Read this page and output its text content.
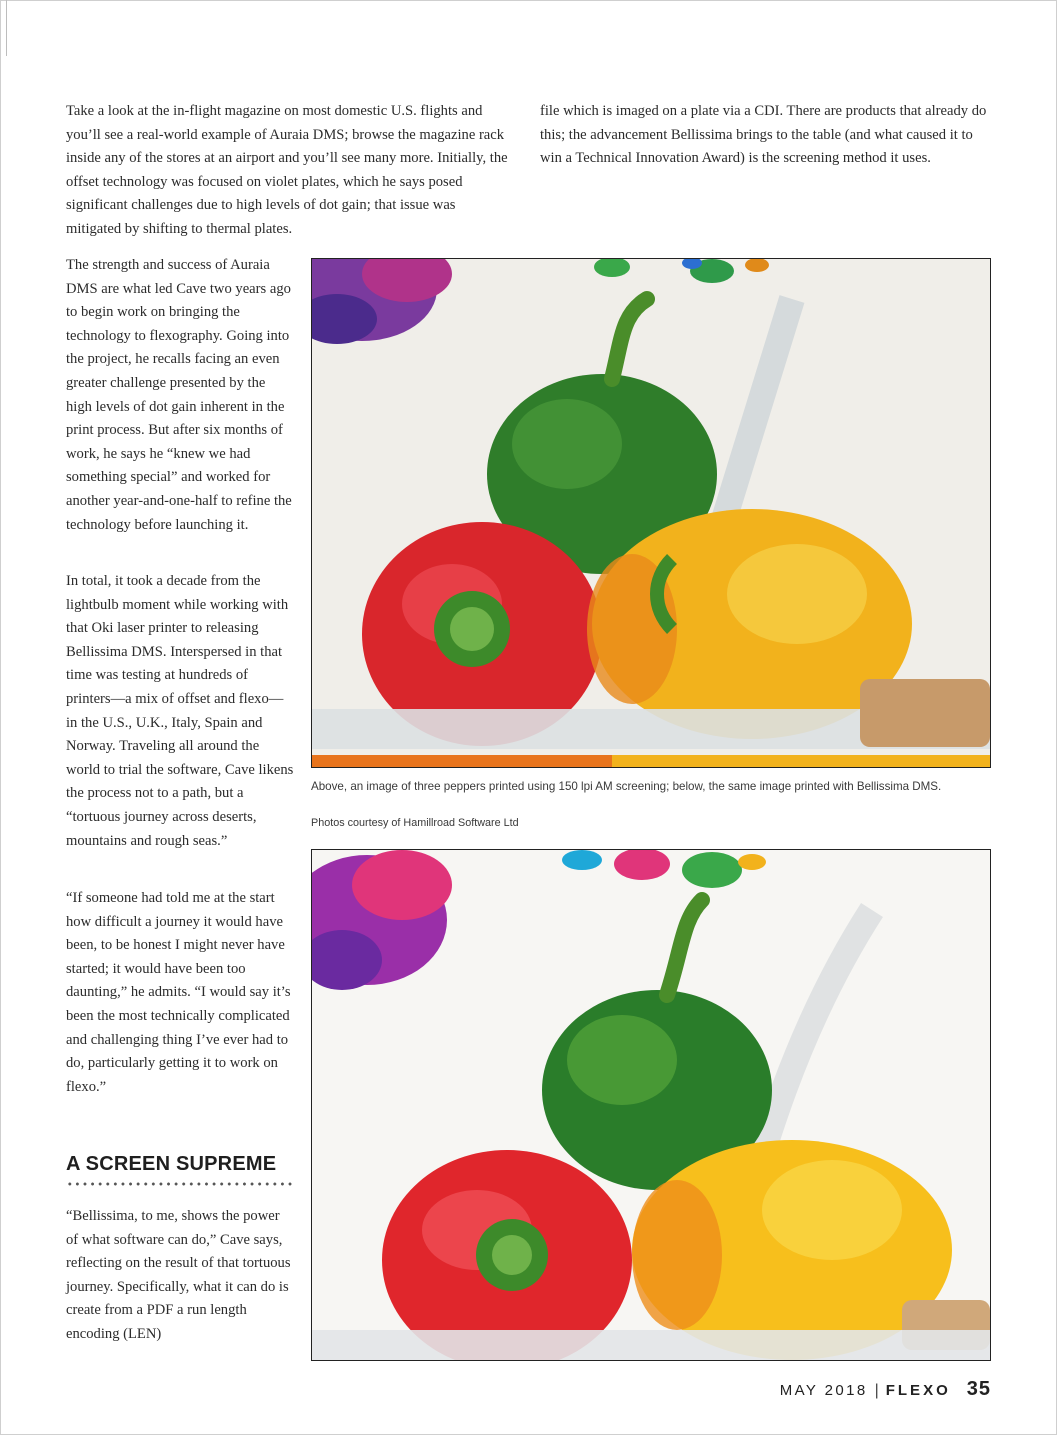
Take a look at the in-flight magazine on most domestic U.S. flights and you’ll see a real-world example of Auraia DMS; browse the magazine rack inside any of the stores at an airport and you’ll see many more. Initially, the offset technology was focused on violet plates, which he says posed significant challenges due to high levels of dot gain; that issue was mitigated by shifting to thermal plates.

file which is imaged on a plate via a CDI. There are products that already do this; the advancement Bellissima brings to the table (and what caused it to win a Technical Innovation Award) is the screening method it uses.

The strength and success of Auraia DMS are what led Cave two years ago to begin work on bringing the technology to flexography. Going into the project, he recalls facing an even greater challenge presented by the high levels of dot gain inherent in the print process. But after six months of work, he says he “knew we had something special” and worked for another year-and-one-half to refine the technology before launching it.

In total, it took a decade from the lightbulb moment while working with that Oki laser printer to releasing Bellissima DMS. Interspersed in that time was testing at hundreds of printers—a mix of offset and flexo—in the U.S., U.K., Italy, Spain and Norway. Traveling all around the world to trial the software, Cave likens the process not to a path, but a “tortuous journey across deserts, mountains and rough seas.”

“If someone had told me at the start how difficult a journey it would have been, to be honest I might never have started; it would have been too daunting,” he admits. “I would say it’s been the most technically complicated and challenging thing I’ve ever had to do, particularly getting it to work on flexo.”

A SCREEN SUPREME

“Bellissima, to me, shows the power of what software can do,” Cave says, reflecting on the result of that tortuous journey. Specifically, what it can do is create from a PDF a run length encoding (LEN)

Above, an image of three peppers printed using 150 lpi AM screening; below, the same image printed with Bellissima DMS.

Photos courtesy of Hamillroad Software Ltd

MAY 2018 | FLEXO 35
